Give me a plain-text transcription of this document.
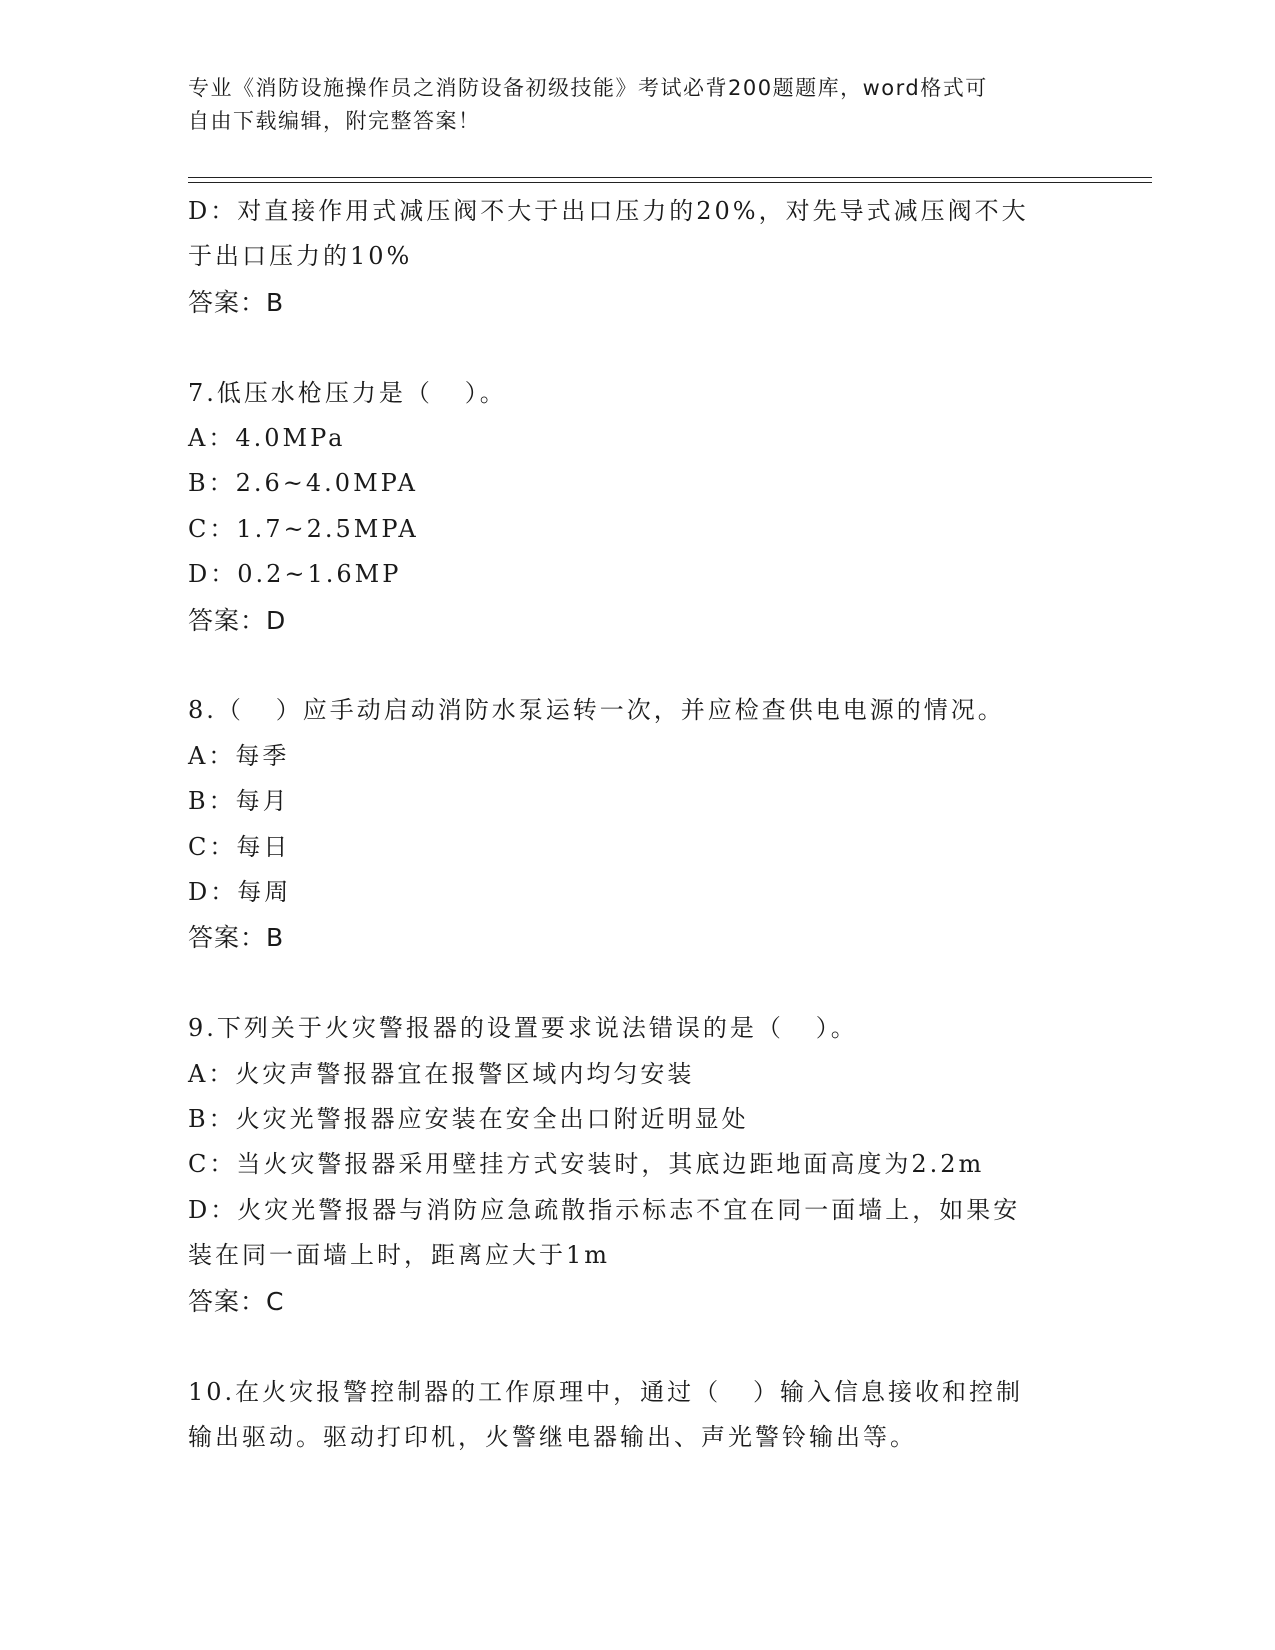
专业《消防设施操作员之消防设备初级技能》考试必背200题题库，word格式可
自由下载编辑，附完整答案！

D：对直接作用式减压阀不大于出口压力的20%，对先导式减压阀不大

于出口压力的10%

答案：B

7.低压水枪压力是（   ）。

A：4.0MPa

B：2.6~4.0MPA

C：1.7~2.5MPA

D：0.2~1.6MP

答案：D

8.（   ）应手动启动消防水泵运转一次，并应检查供电电源的情况。

A：每季

B：每月

C：每日

D：每周

答案：B

9.下列关于火灾警报器的设置要求说法错误的是（   ）。

A：火灾声警报器宜在报警区域内均匀安装

B：火灾光警报器应安装在安全出口附近明显处

C：当火灾警报器采用壁挂方式安装时，其底边距地面高度为2.2m

D：火灾光警报器与消防应急疏散指示标志不宜在同一面墙上，如果安

装在同一面墙上时，距离应大于1m

答案：C

10.在火灾报警控制器的工作原理中，通过（   ）输入信息接收和控制

输出驱动。驱动打印机，火警继电器输出、声光警铃输出等。
